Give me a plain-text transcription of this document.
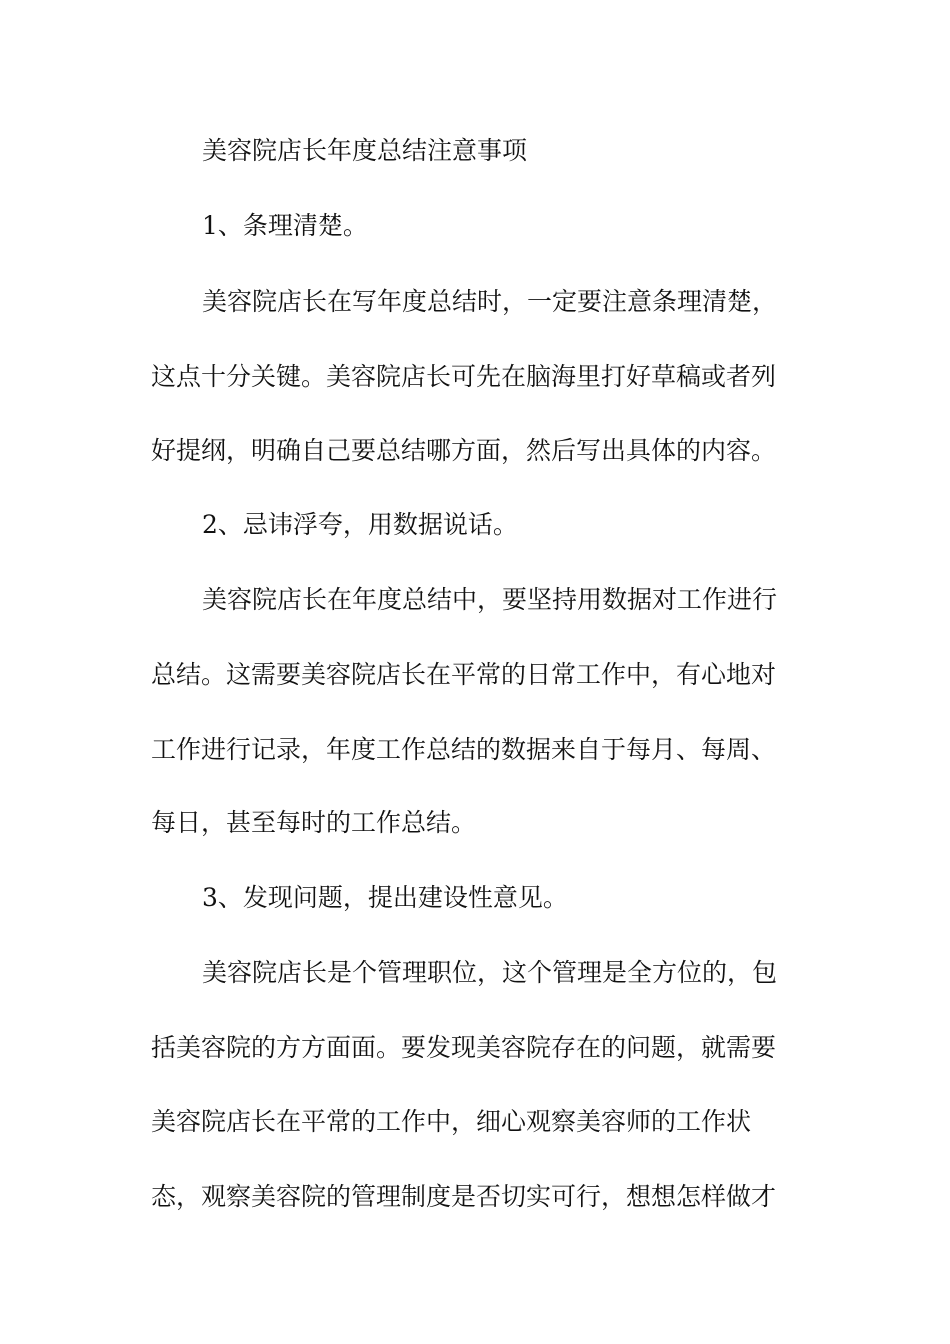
美容院店长年度总结注意事项

1、条理清楚。

美容院店长在写年度总结时，一定要注意条理清楚，

这点十分关键。美容院店长可先在脑海里打好草稿或者列

好提纲，明确自己要总结哪方面，然后写出具体的内容。

2、忌讳浮夸，用数据说话。

美容院店长在年度总结中，要坚持用数据对工作进行

总结。这需要美容院店长在平常的日常工作中，有心地对

工作进行记录，年度工作总结的数据来自于每月、每周、

每日，甚至每时的工作总结。

3、发现问题，提出建设性意见。

美容院店长是个管理职位，这个管理是全方位的，包

括美容院的方方面面。要发现美容院存在的问题，就需要

美容院店长在平常的工作中，细心观察美容师的工作状

态，观察美容院的管理制度是否切实可行，想想怎样做才
